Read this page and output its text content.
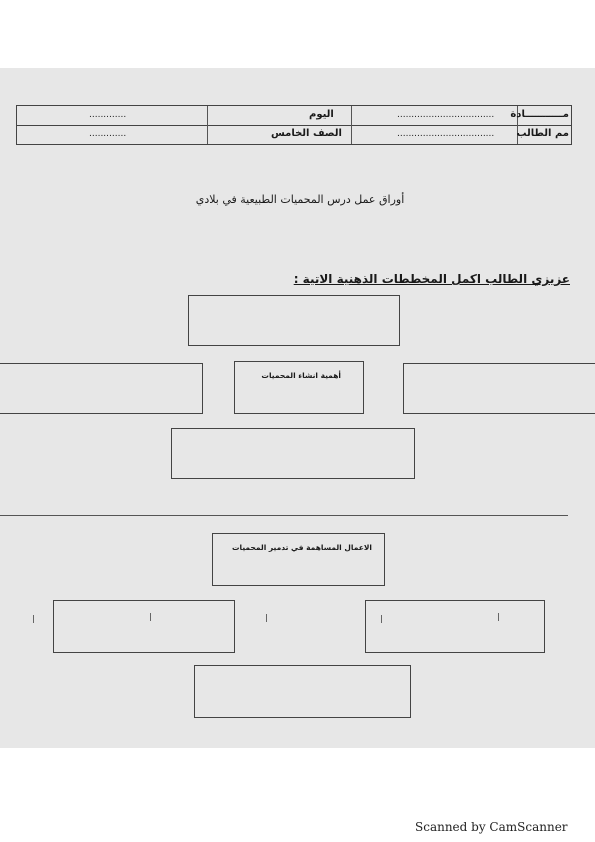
مـــــــــــادة
مم الطالب
..................................
..................................
اليوم
الصف الخامس
.............
.............
أوراق عمل درس المحميات الطبيعية في بلادي
عزيزي الطالب اكمل المخططات الذهنية الاتية :
أهمية انشاء المحميات
الاعمال المساهمة في تدمير المحميات
Scanned by CamScanner
